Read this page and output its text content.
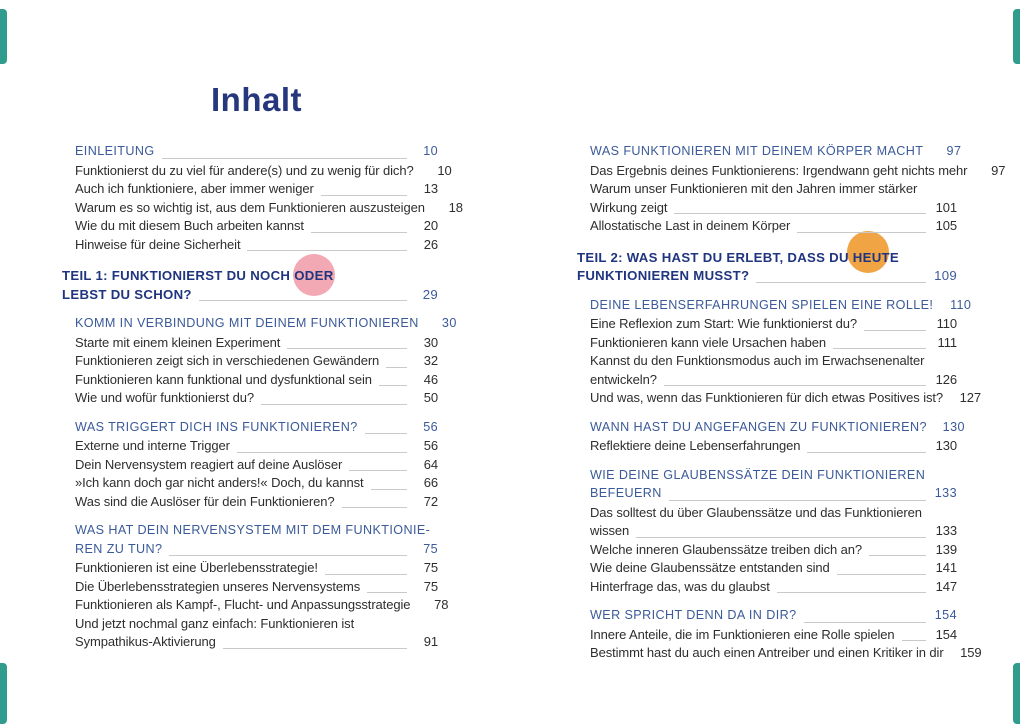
Inhalt
EINLEITUNG	10
Funktionierst du zu viel für andere(s) und zu wenig für dich?	10
Auch ich funktioniere, aber immer weniger	13
Warum es so wichtig ist, aus dem Funktionieren auszusteigen	18
Wie du mit diesem Buch arbeiten kannst	20
Hinweise für deine Sicherheit	26
TEIL 1: FUNKTIONIERST DU NOCH ODER
LEBST DU SCHON?	29
KOMM IN VERBINDUNG MIT DEINEM FUNKTIONIEREN	30
Starte mit einem kleinen Experiment	30
Funktionieren zeigt sich in verschiedenen Gewändern	32
Funktionieren kann funktional und dysfunktional sein	46
Wie und wofür funktionierst du?	50
WAS TRIGGERT DICH INS FUNKTIONIEREN?	56
Externe und interne Trigger	56
Dein Nervensystem reagiert auf deine Auslöser	64
»Ich kann doch gar nicht anders!« Doch, du kannst	66
Was sind die Auslöser für dein Funktionieren?	72
WAS HAT DEIN NERVENSYSTEM MIT DEM FUNKTIONIE-
REN ZU TUN?	75
Funktionieren ist eine Überlebensstrategie!	75
Die Überlebensstrategien unseres Nervensystems	75
Funktionieren als Kampf-, Flucht- und Anpassungsstrategie	78
Und jetzt nochmal ganz einfach: Funktionieren ist
Sympathikus-Aktivierung	91
WAS FUNKTIONIEREN MIT DEINEM KÖRPER MACHT	97
Das Ergebnis deines Funktionierens: Irgendwann geht nichts mehr	97
Warum unser Funktionieren mit den Jahren immer stärker
Wirkung zeigt	101
Allostatische Last in deinem Körper	105
TEIL 2: WAS HAST DU ERLEBT, DASS DU HEUTE
FUNKTIONIEREN MUSST?	109
DEINE LEBENSERFAHRUNGEN SPIELEN EINE ROLLE! 110
Eine Reflexion zum Start: Wie funktionierst du?	110
Funktionieren kann viele Ursachen haben	111
Kannst du den Funktionsmodus auch im Erwachsenenalter
entwickeln?	126
Und was, wenn das Funktionieren für dich etwas Positives ist? 127
WANN HAST DU ANGEFANGEN ZU FUNKTIONIEREN? 130
Reflektiere deine Lebenserfahrungen	130
WIE DEINE GLAUBENSSÄTZE DEIN FUNKTIONIEREN
BEFEUERN	133
Das solltest du über Glaubenssätze und das Funktionieren
wissen	133
Welche inneren Glaubenssätze treiben dich an?	139
Wie deine Glaubenssätze entstanden sind	141
Hinterfrage das, was du glaubst	147
WER SPRICHT DENN DA IN DIR?	154
Innere Anteile, die im Funktionieren eine Rolle spielen	154
Bestimmt hast du auch einen Antreiber und einen Kritiker in dir 159
